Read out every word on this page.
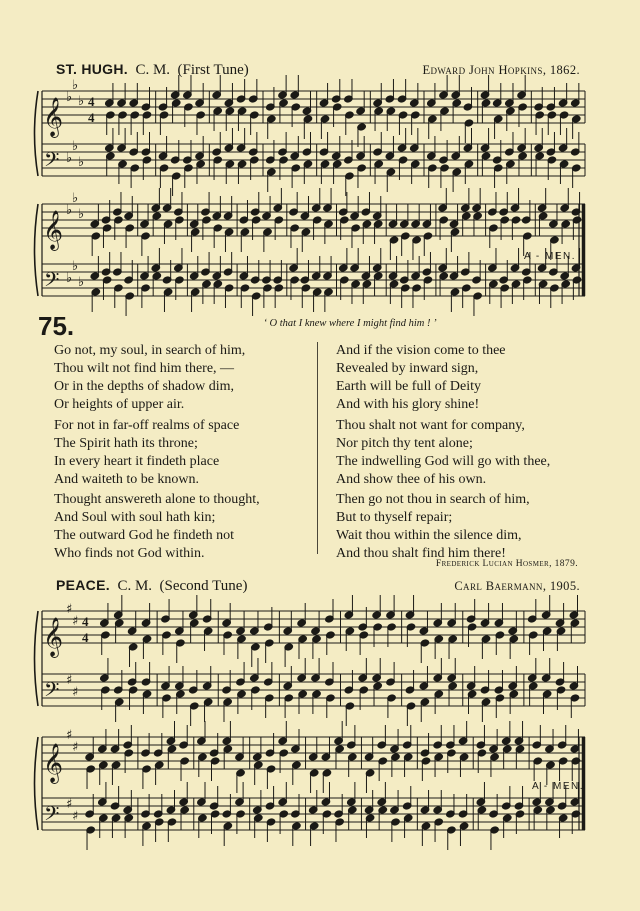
ST. HUGH. C. M. (First Tune)	Edward John Hopkins, 1862.
𝄞
𝄢
♭
♭
♭
♭
♭
♭
4
4
𝄞
𝄢
♭
♭
♭
♭
♭
♭
A - MEN.
75.	‘ O that I knew where I might find him ! ’
Go not, my soul, in search of him,
Thou wilt not find him there, —
Or in the depths of shadow dim,
Or heights of upper air.
For not in far-off realms of space
The Spirit hath its throne;
In every heart it findeth place
And waiteth to be known.
Thought answereth alone to thought,
And Soul with soul hath kin;
The outward God he findeth not
Who finds not God within.
And if the vision come to thee
Revealed by inward sign,
Earth will be full of Deity
And with his glory shine!
Thou shalt not want for company,
Nor pitch thy tent alone;
The indwelling God will go with thee,
And show thee of his own.
Then go not thou in search of him,
But to thyself repair;
Wait thou within the silence dim,
And thou shalt find him there!
Frederick Lucian Hosmer, 1879.
PEACE. C. M. (Second Tune)	Carl Baermann, 1905.
𝄞
𝄢
♯
♯
♯
♯
4
4
𝄞
𝄢
♯
♯
♯
♯
A - MEN.
